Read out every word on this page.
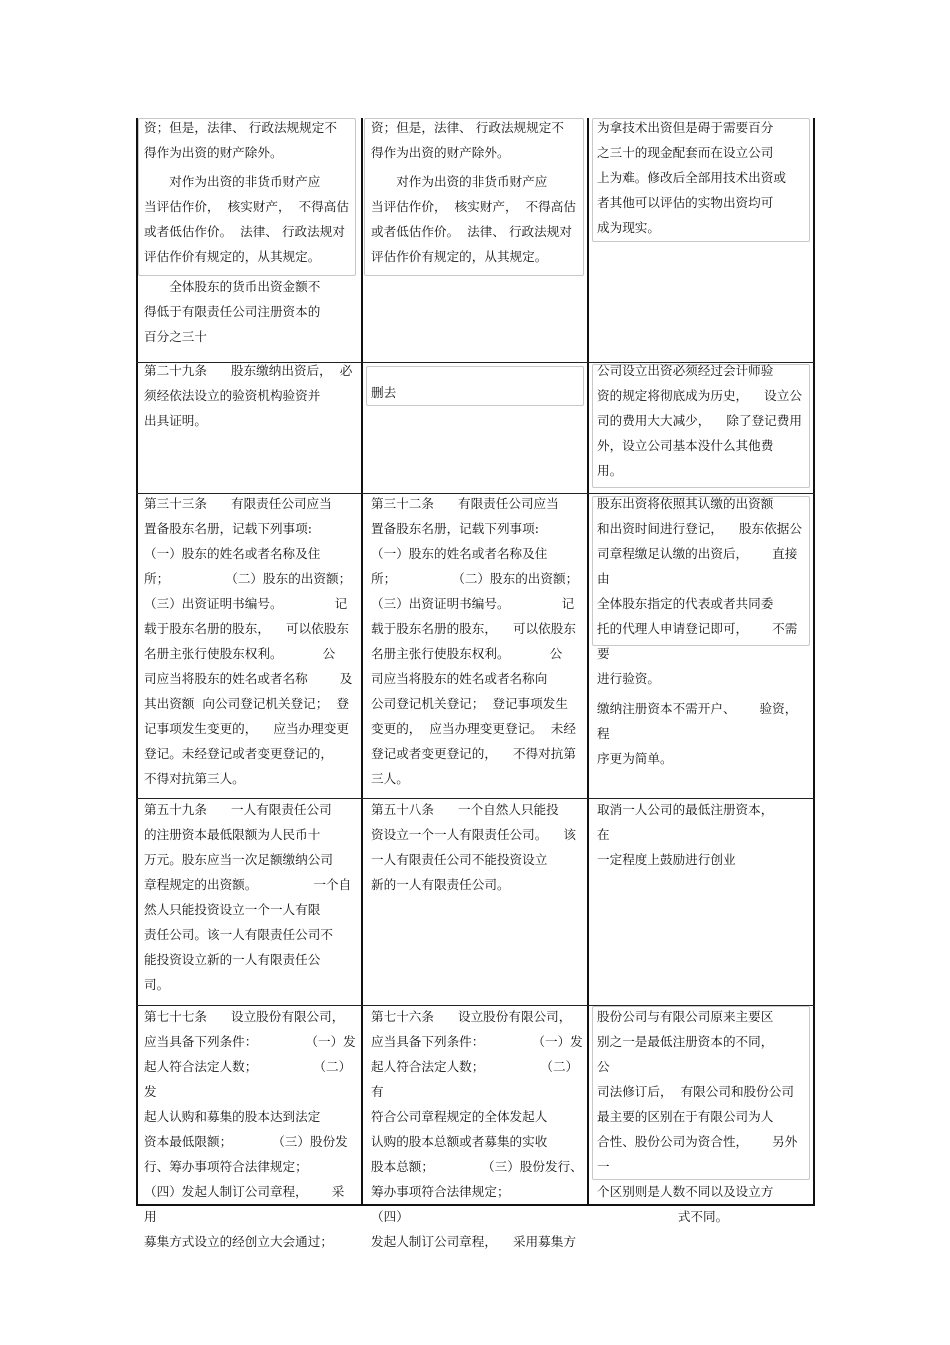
资；但是，法律、 行政法规规定不

得作为出资的财产除外。

对作为出资的非货币财产应

当评估作价，  核实财产，  不得高估

或者低估作价。  法律、 行政法规对

评估作价有规定的，从其规定。

全体股东的货币出资金额不

得低于有限责任公司注册资本的

百分之三十

资；但是，法律、 行政法规规定不

得作为出资的财产除外。

对作为出资的非货币财产应

当评估作价，  核实财产，  不得高估

或者低估作价。  法律、 行政法规对

评估作价有规定的，从其规定。

为拿技术出资但是碍于需要百分

之三十的现金配套而在设立公司

上为难。修改后全部用技术出资或

者其他可以评估的实物出资均可

成为现实。

第二十九条      股东缴纳出资后，  必

须经依法设立的验资机构验资并

出具证明。

删去

公司设立出资必须经过会计师验

资的规定将彻底成为历史，    设立公

司的费用大大减少，    除了登记费用

外，设立公司基本没什么其他费

用。

第三十三条      有限责任公司应当

置备股东名册，记载下列事项:

（一）股东的姓名或者名称及住

所；              （二）股东的出资额；

（三）出资证明书编号。             记

载于股东名册的股东，    可以依股东

名册主张行使股东权利。          公

司应当将股东的姓名或者名称        及

其出资额  向公司登记机关登记；  登

记事项发生变更的，    应当办理变更

登记。未经登记或者变更登记的，

不得对抗第三人。

第三十二条      有限责任公司应当

置备股东名册，记载下列事项:

（一）股东的姓名或者名称及住

所；              （二）股东的出资额；

（三）出资证明书编号。             记

载于股东名册的股东，    可以依股东

名册主张行使股东权利。          公

司应当将股东的姓名或者名称向

公司登记机关登记；  登记事项发生

变更的，  应当办理变更登记。  未经

登记或者变更登记的，    不得对抗第

三人。

股东出资将依照其认缴的出资额

和出资时间进行登记，    股东依据公

司章程缴足认缴的出资后，      直接由

全体股东指定的代表或者共同委

托的代理人申请登记即可，      不需要

进行验资。

缴纳注册资本不需开户、      验资，  程

序更为简单。

第五十九条      一人有限责任公司

的注册资本最低限额为人民币十

万元。股东应当一次足额缴纳公司

章程规定的出资额。              一个自

然人只能投资设立一个一人有限

责任公司。该一人有限责任公司不

能投资设立新的一人有限责任公

司。

第五十八条      一个自然人只能投

资设立一个一人有限责任公司。    该

一人有限责任公司不能投资设立

新的一人有限责任公司。

取消一人公司的最低注册资本，      在

一定程度上鼓励进行创业

第七十七条      设立股份有限公司，

应当具备下列条件：            （一）发

起人符合法定人数；              （二）发

起人认购和募集的股本达到法定

资本最低限额；          （三）股份发

行、筹办事项符合法律规定；

（四）发起人制订公司章程，      采用

募集方式设立的经创立大会通过；

第七十六条      设立股份有限公司，

应当具备下列条件：            （一）发

起人符合法定人数；              （二）有

符合公司章程规定的全体发起人

认购的股本总额或者募集的实收

股本总额；            （三）股份发行、

筹办事项符合法律规定；            （四）

发起人制订公司章程，    采用募集方

股份公司与有限公司原来主要区

别之一是最低注册资本的不同，      公

司法修订后，  有限公司和股份公司

最主要的区别在于有限公司为人

合性、股份公司为资合性，      另外一

个区别则是人数不同以及设立方

式不同。
